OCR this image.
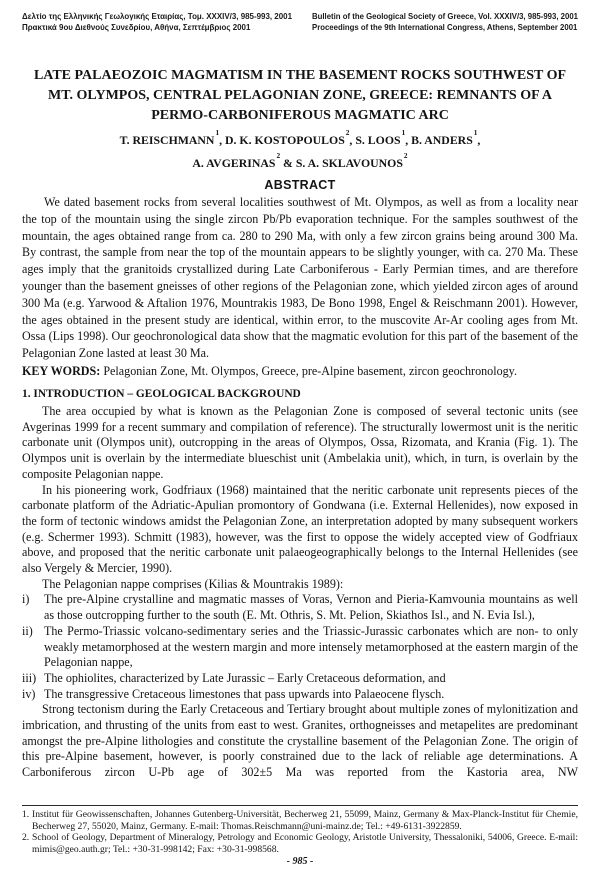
Δελτίο της Ελληνικής Γεωλογικής Εταιρίας, Τομ. XXXIV/3, 985-993, 2001
Πρακτικά 9ου Διεθνούς Συνεδρίου, Αθήνα, Σεπτέμβριος 2001
Bulletin of the Geological Society of Greece, Vol. XXXIV/3, 985-993, 2001
Proceedings of the 9th International Congress, Athens, September 2001
LATE PALAEOZOIC MAGMATISM IN THE BASEMENT ROCKS SOUTHWEST OF
MT. OLYMPOS, CENTRAL PELAGONIAN ZONE, GREECE: REMNANTS OF A
PERMO-CARBONIFEROUS MAGMATIC ARC
T. REISCHMANN$^1$, D. K. KOSTOPOULOS$^2$, S. LOOS$^1$, B. ANDERS$^1$,
A. AVGERINAS$^2$ & S. A. SKLAVOUNOS$^2$
ABSTRACT
We dated basement rocks from several localities southwest of Mt. Olympos, as well as from a locality near the top of the mountain using the single zircon Pb/Pb evaporation technique. For the samples southwest of the mountain, the ages obtained range from ca. 280 to 290 Ma, with only a few zircon grains being around 300 Ma. By contrast, the sample from near the top of the mountain appears to be slightly younger, with ca. 270 Ma. These ages imply that the granitoids crystallized during Late Carboniferous - Early Permian times, and are therefore younger than the basement gneisses of other regions of the Pelagonian zone, which yielded zircon ages of around 300 Ma (e.g. Yarwood & Aftalion 1976, Mountrakis 1983, De Bono 1998, Engel & Reischmann 2001). However, the ages obtained in the present study are identical, within error, to the muscovite Ar-Ar cooling ages from Mt. Ossa (Lips 1998). Our geochronological data show that the magmatic evolution for this part of the basement of the Pelagonian Zone lasted at least 30 Ma.
KEY WORDS: Pelagonian Zone, Mt. Olympos, Greece, pre-Alpine basement, zircon geochronology.
1. INTRODUCTION – GEOLOGICAL BACKGROUND

The area occupied by what is known as the Pelagonian Zone is composed of several tectonic units (see Avgerinas 1999 for a recent summary and compilation of reference). The structurally lowermost unit is the neritic carbonate unit (Olympos unit), outcropping in the areas of Olympos, Ossa, Rizomata, and Krania (Fig. 1). The Olympos unit is overlain by the intermediate blueschist unit (Ambelakia unit), which, in turn, is overlain by the composite Pelagonian nappe.

In his pioneering work, Godfriaux (1968) maintained that the neritic carbonate unit represents pieces of the carbonate platform of the Adriatic-Apulian promontory of Gondwana (i.e. External Hellenides), now exposed in the form of tectonic windows amidst the Pelagonian Zone, an interpretation adopted by many subsequent workers (e.g. Schermer 1993). Schmitt (1983), however, was the first to oppose the widely accepted view of Godfriaux above, and proposed that the neritic carbonate unit palaeogeographically belongs to the Internal Hellenides (see also Vergely & Mercier, 1990).

The Pelagonian nappe comprises (Kilias & Mountrakis 1989):

i)	The pre-Alpine crystalline and magmatic masses of Voras, Vernon and Pieria-Kamvounia mountains as well as those outcropping further to the south (E. Mt. Othris, S. Mt. Pelion, Skiathos Isl., and N. Evia Isl.),
ii) The Permo-Triassic volcano-sedimentary series and the Triassic-Jurassic carbonates which are non- to only weakly metamorphosed at the western margin and more intensely metamorphosed at the eastern margin of the Pelagonian nappe,
iii) The ophiolites, characterized by Late Jurassic – Early Cretaceous deformation, and
iv) The transgressive Cretaceous limestones that pass upwards into Palaeocene flysch.

Strong tectonism during the Early Cretaceous and Tertiary brought about multiple zones of mylonitization and imbrication, and thrusting of the units from east to west. Granites, orthogneisses and metapelites are predominant amongst the pre-Alpine lithologies and constitute the crystalline basement of the Pelagonian Zone. The origin of this pre-Alpine basement, however, is poorly constrained due to the lack of reliable age determinations. A Carboniferous zircon U-Pb age of 302±5 Ma was reported from the Kastoria area, NW

1. Institut für Geowissenschaften, Johannes Gutenberg-Universität, Becherweg 21, 55099, Mainz, Germany & Max-Planck-Institut für Chemie, Becherweg 27, 55020, Mainz, Germany. E-mail: Thomas.Reischmann@uni-mainz.de; Tel.: +49-6131-3922859.
2. School of Geology, Department of Mineralogy, Petrology and Economic Geology, Aristotle University, Thessaloniki, 54006, Greece. E-mail: mimis@geo.auth.gr; Tel.: +30-31-998142; Fax: +30-31-998568.
- 985 -
